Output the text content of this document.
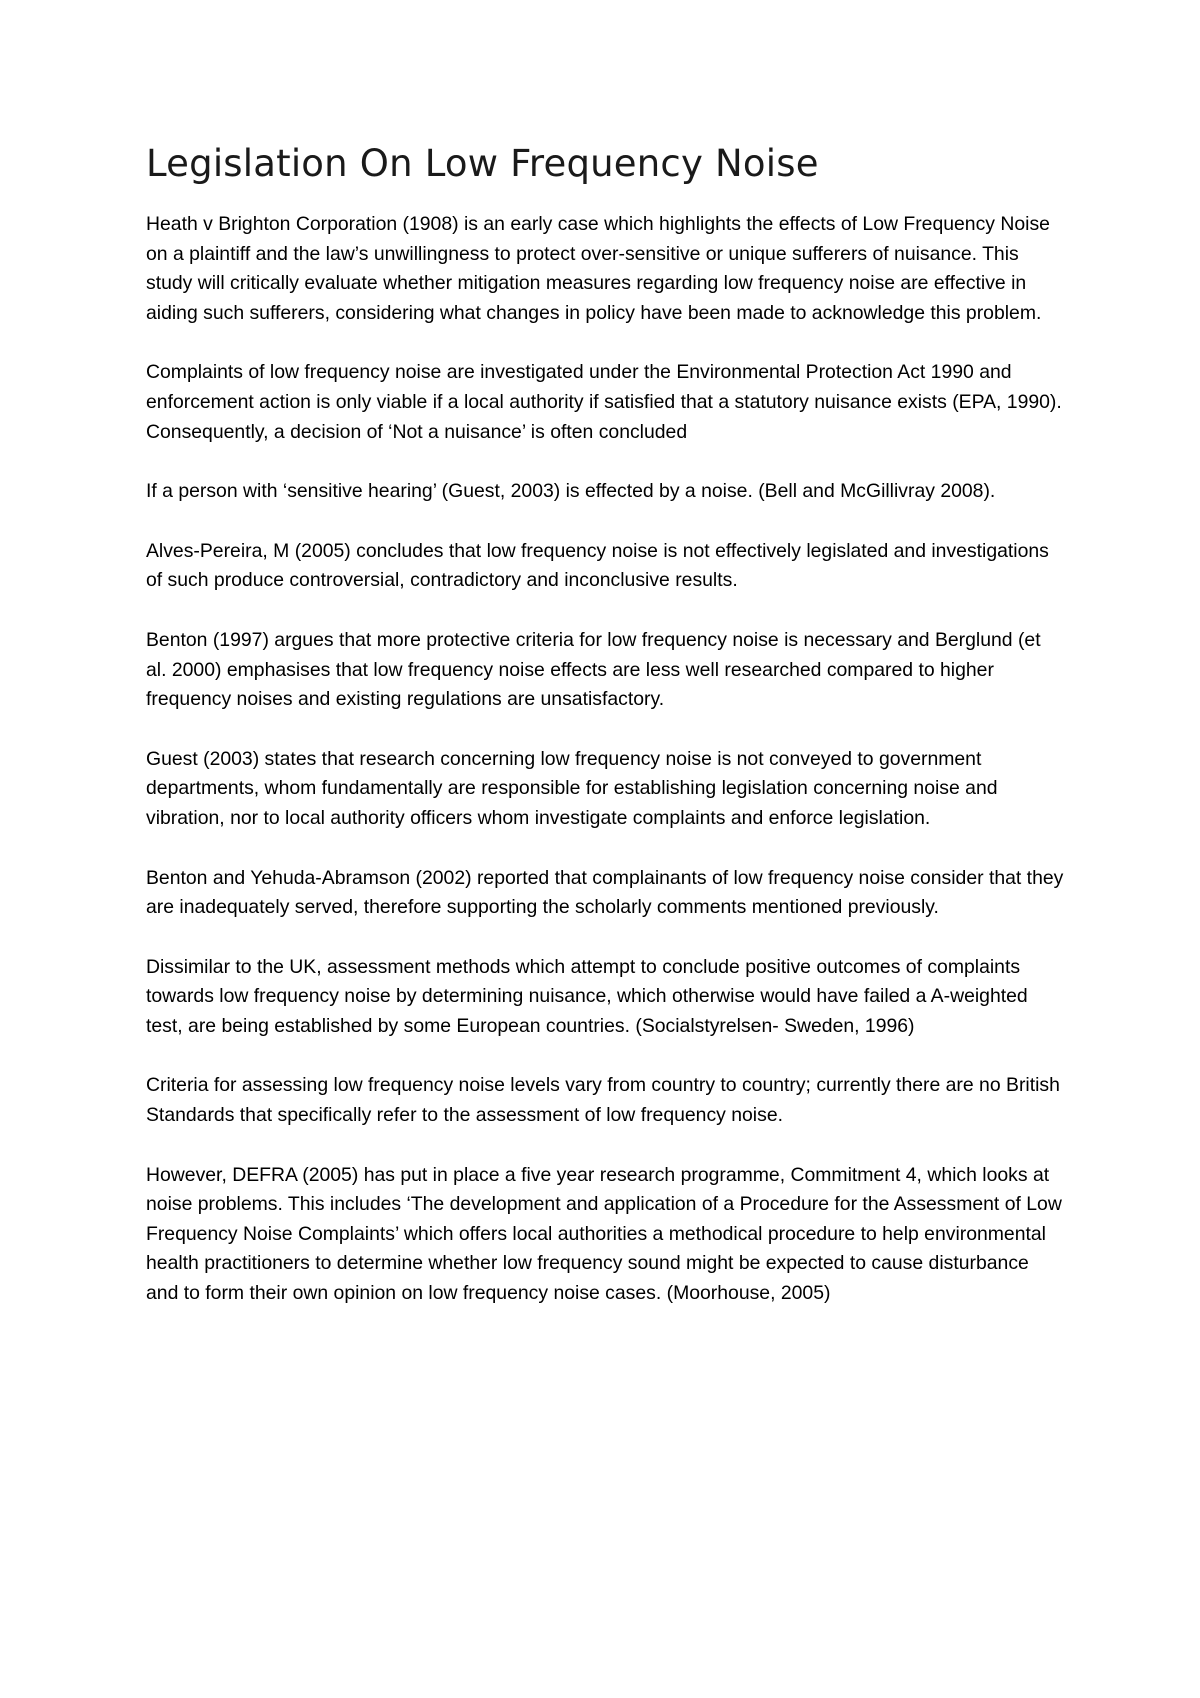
Legislation On Low Frequency Noise

Heath v Brighton Corporation (1908) is an early case which highlights the effects of Low Frequency Noise on a plaintiff and the law’s unwillingness to protect over-sensitive or unique sufferers of nuisance. This study will critically evaluate whether mitigation measures regarding low frequency noise are effective in aiding such sufferers, considering what changes in policy have been made to acknowledge this problem.

Complaints of low frequency noise are investigated under the Environmental Protection Act 1990 and enforcement action is only viable if a local authority if satisfied that a statutory nuisance exists (EPA, 1990). Consequently, a decision of ‘Not a nuisance’ is often concluded

If a person with ‘sensitive hearing’ (Guest, 2003) is effected by a noise. (Bell and McGillivray 2008).

Alves-Pereira, M (2005) concludes that low frequency noise is not effectively legislated and investigations of such produce controversial, contradictory and inconclusive results.

Benton (1997) argues that more protective criteria for low frequency noise is necessary and Berglund (et al. 2000) emphasises that low frequency noise effects are less well researched compared to higher frequency noises and existing regulations are unsatisfactory.

Guest (2003) states that research concerning low frequency noise is not conveyed to government departments, whom fundamentally are responsible for establishing legislation concerning noise and vibration, nor to local authority officers whom investigate complaints and enforce legislation.

Benton and Yehuda-Abramson (2002) reported that complainants of low frequency noise consider that they are inadequately served, therefore supporting the scholarly comments mentioned previously.

Dissimilar to the UK, assessment methods which attempt to conclude positive outcomes of complaints towards low frequency noise by determining nuisance, which otherwise would have failed a A-weighted test, are being established by some European countries. (Socialstyrelsen- Sweden, 1996)

Criteria for assessing low frequency noise levels vary from country to country; currently there are no British Standards that specifically refer to the assessment of low frequency noise.

However, DEFRA (2005) has put in place a five year research programme, Commitment 4, which looks at noise problems. This includes ‘The development and application of a Procedure for the Assessment of Low Frequency Noise Complaints’ which offers local authorities a methodical procedure to help environmental health practitioners to determine whether low frequency sound might be expected to cause disturbance and to form their own opinion on low frequency noise cases. (Moorhouse, 2005)
